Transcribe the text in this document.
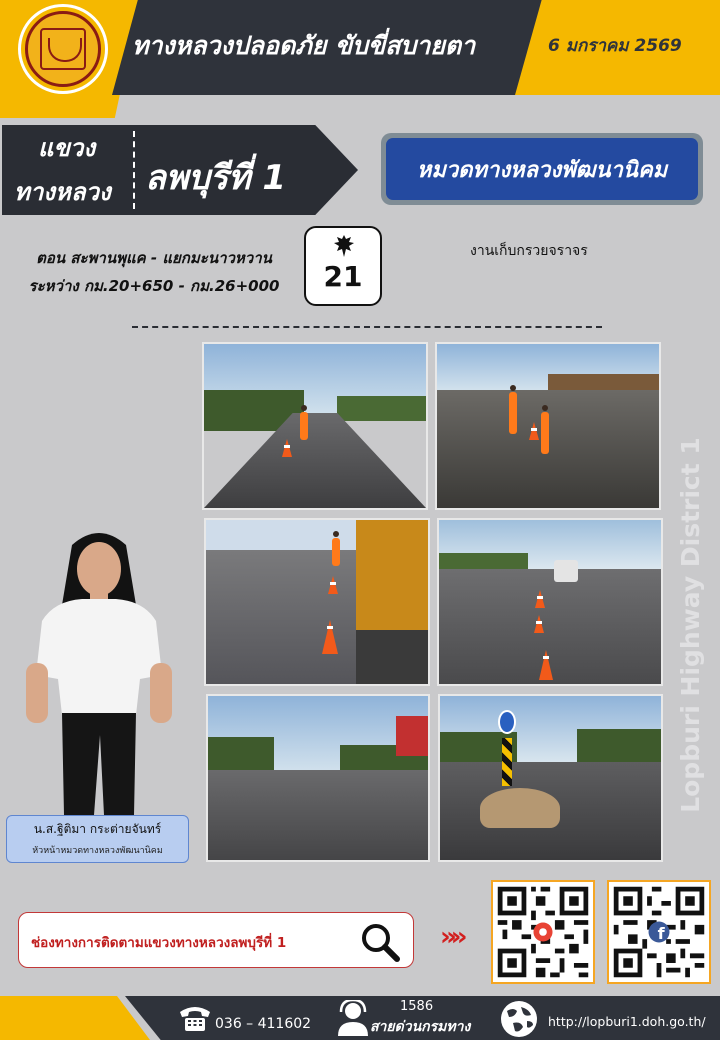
ทางหลวงปลอดภัย ขับขี่สบายตา	6 มกราคม 2569
แขวง
ทางหลวง ลพบุรีที่ 1	หมวดทางหลวงพัฒนานิคม
ตอน สะพานพุแค - แยกมะนาวหวาน
ระหว่าง กม.20+650 - กม.26+000	21
งานเก็บกรวยจราจร
น.ส.ฐิติมา กระต่ายจันทร์
หัวหน้าหมวดทางหลวงพัฒนานิคม
Lopburi Highway District 1
ช่องทางการติดตามแขวงทางหลวงลพบุรีที่ 1	»»	f
036 – 411602
1586
สายด่วนกรมทาง	http://lopburi1.doh.go.th/
